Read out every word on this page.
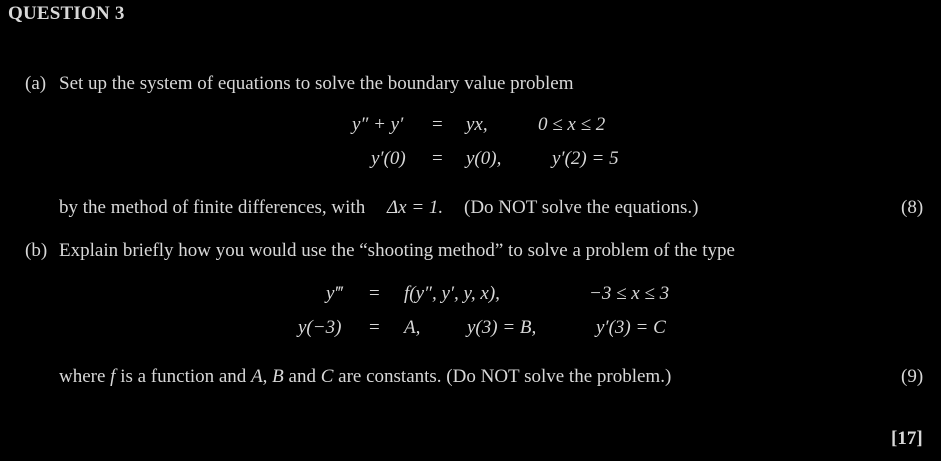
QUESTION 3
(a) Set up the system of equations to solve the boundary value problem
y″ + y′ = yx,	0 ≤ x ≤ 2
y′(0) = y(0),	y′(2) = 5
by the method of finite differences, with Δx = 1. (Do NOT solve the equations.)	(8)
(b) Explain briefly how you would use the “shooting method” to solve a problem of the type
y‴ = f(y″, y′, y, x),	−3 ≤ x ≤ 3
y(−3) = A, y(3) = B,	y′(3) = C
where f is a function and A, B and C are constants. (Do NOT solve the problem.)	(9)
[17]
